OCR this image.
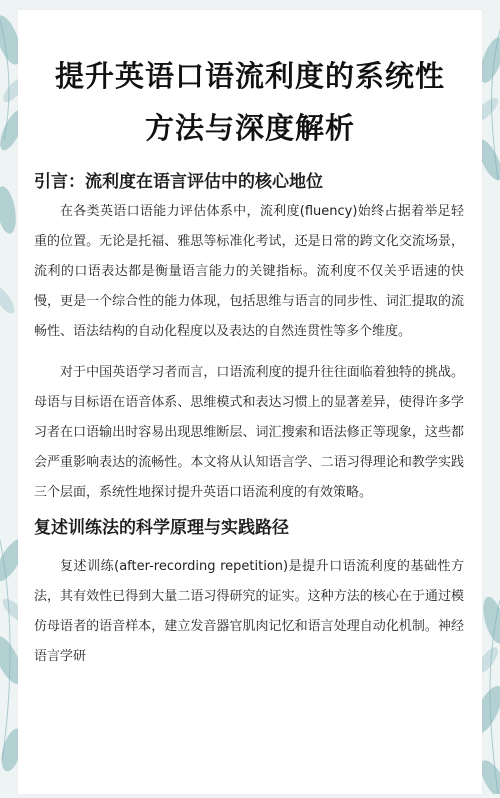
提升英语口语流利度的系统性
方法与深度解析
引言：流利度在语言评估中的核心地位

在各类英语口语能力评估体系中，流利度(fluency)始终占据着举足轻重的位置。无论是托福、雅思等标准化考试，还是日常的跨文化交流场景，流利的口语表达都是衡量语言能力的关键指标。流利度不仅关乎语速的快慢，更是一个综合性的能力体现，包括思维与语言的同步性、词汇提取的流畅性、语法结构的自动化程度以及表达的自然连贯性等多个维度。

对于中国英语学习者而言，口语流利度的提升往往面临着独特的挑战。母语与目标语在语音体系、思维模式和表达习惯上的显著差异，使得许多学习者在口语输出时容易出现思维断层、词汇搜索和语法修正等现象，这些都会严重影响表达的流畅性。本文将从认知语言学、二语习得理论和教学实践三个层面，系统性地探讨提升英语口语流利度的有效策略。

复述训练法的科学原理与实践路径

复述训练(after-recording repetition)是提升口语流利度的基础性方法，其有效性已得到大量二语习得研究的证实。这种方法的核心在于通过模仿母语者的语音样本，建立发音器官肌肉记忆和语言处理自动化机制。神经语言学研
